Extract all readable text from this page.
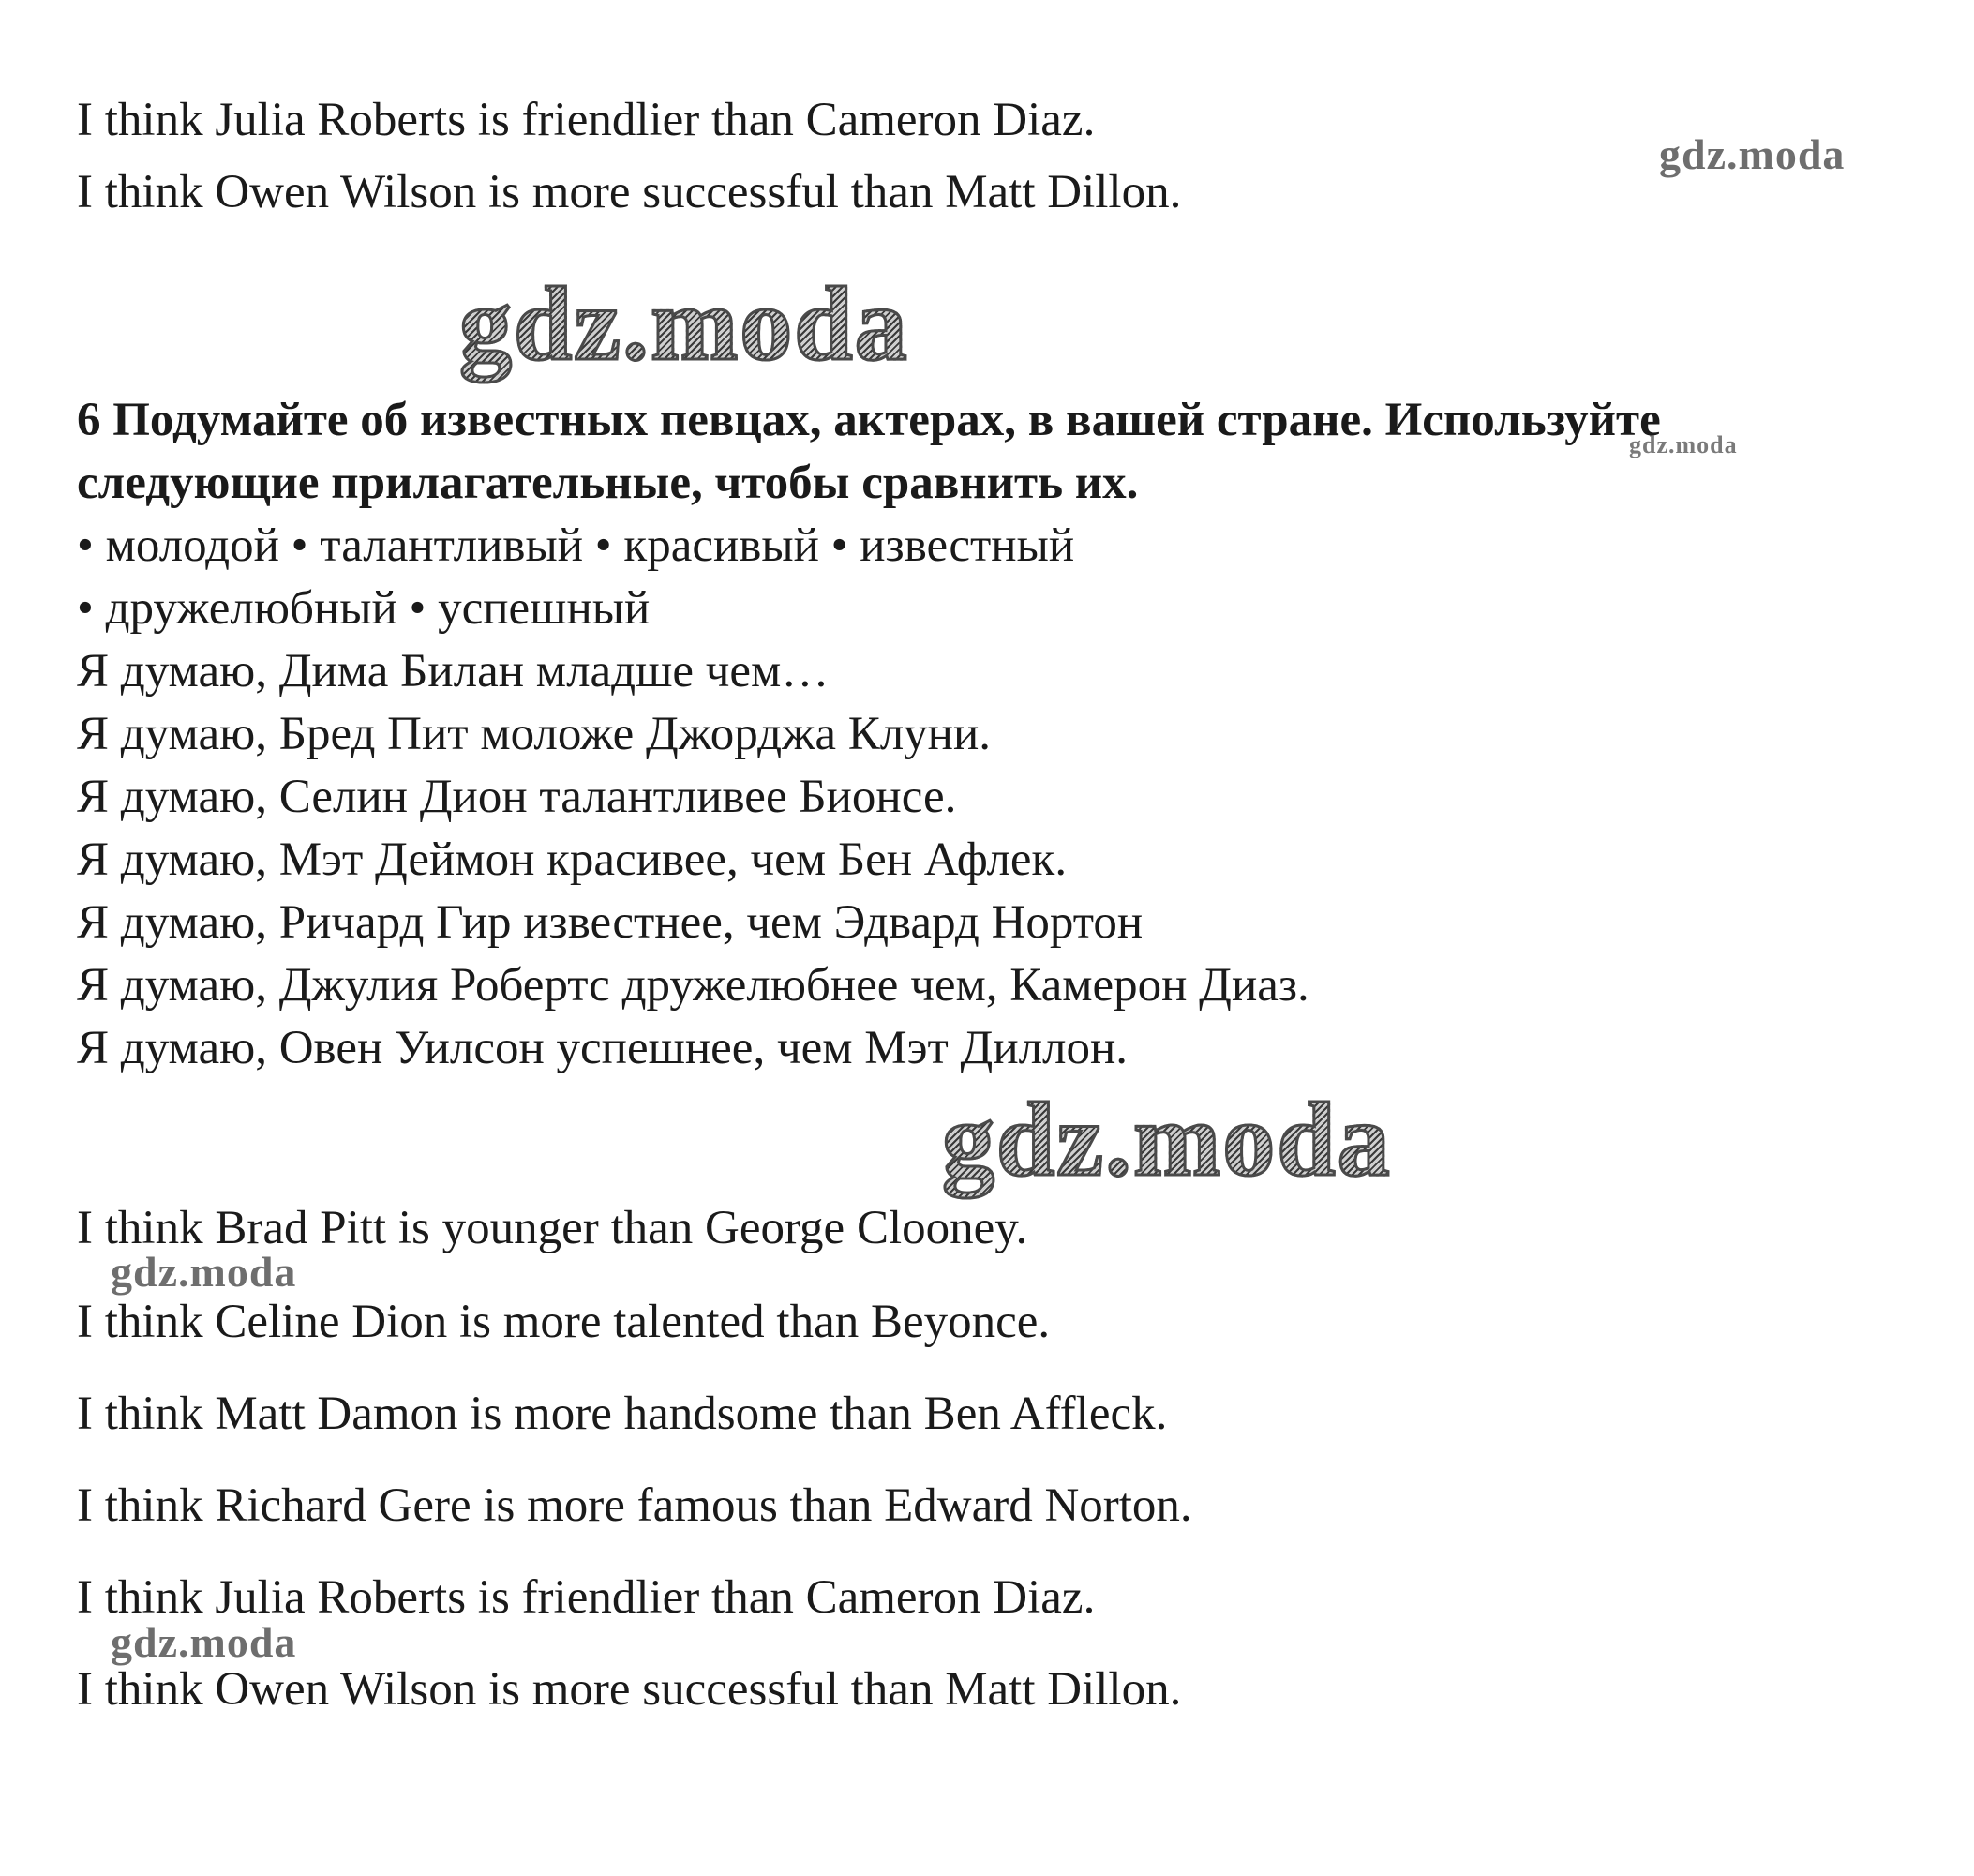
I think Julia Roberts is friendlier than Cameron Diaz.
I think Owen Wilson is more successful than Matt Dillon.
gdz.moda
gdz.moda
gdz.moda
gdz.moda
gdz.moda
gdz.moda
6 Подумайте об известных певцах, актерах, в вашей стране. Используйте
следующие прилагательные, чтобы сравнить их.
• молодой • талантливый • красивый • известный
• дружелюбный • успешный
Я думаю, Дима Билан младше чем…
Я думаю, Бред Пит моложе Джорджа Клуни.
Я думаю, Селин Дион талантливее Бионсе.
Я думаю, Мэт Деймон красивее, чем Бен Афлек.
Я думаю, Ричард Гир известнее, чем Эдвард Нортон
Я думаю, Джулия Робертс дружелюбнее чем, Камерон Диаз.
Я думаю, Овен Уилсон успешнее, чем Мэт Диллон.
I think Brad Pitt is younger than George Clooney.
I think Celine Dion is more talented than Beyonce.
I think Matt Damon is more handsome than Ben Affleck.
I think Richard Gere is more famous than Edward Norton.
I think Julia Roberts is friendlier than Cameron Diaz.
I think Owen Wilson is more successful than Matt Dillon.
